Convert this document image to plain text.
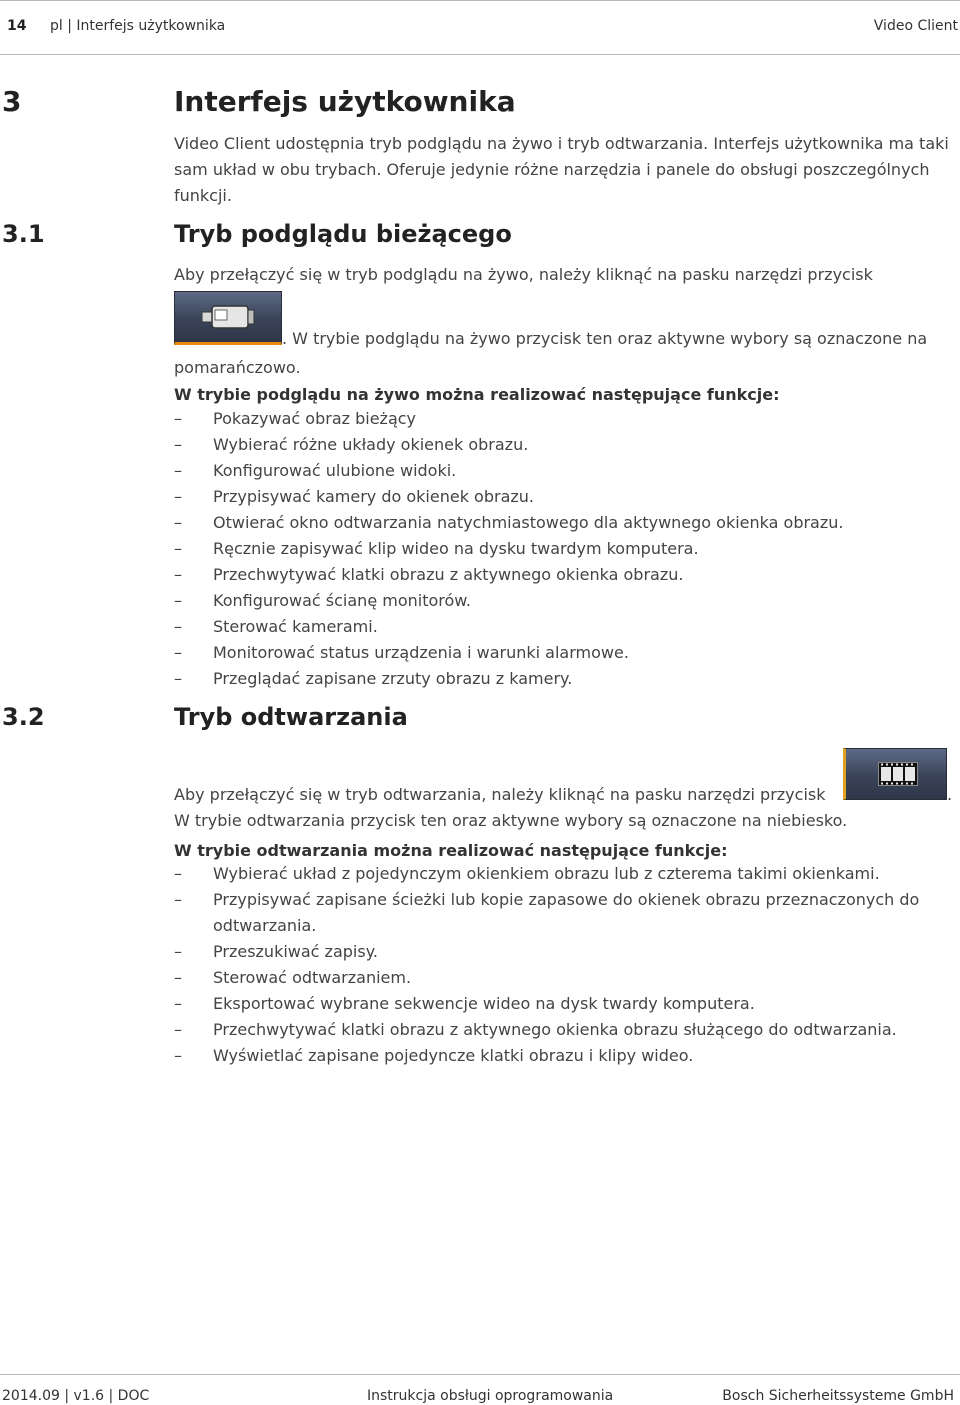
14 pl | Interfejs użytkownika	Video Client
3	Interfejs użytkownika
Video Client udostępnia tryb podglądu na żywo i tryb odtwarzania. Interfejs użytkownika ma taki sam układ w obu trybach. Oferuje jedynie różne narzędzia i panele do obsługi poszczególnych funkcji.
3.1	Tryb podglądu bieżącego
Aby przełączyć się w tryb podglądu na żywo, należy kliknąć na pasku narzędzi przycisk
. W trybie podglądu na żywo przycisk ten oraz aktywne wybory są oznaczone na
pomarańczowo.
W trybie podglądu na żywo można realizować następujące funkcje:
– Pokazywać obraz bieżący
– Wybierać różne układy okienek obrazu.
– Konfigurować ulubione widoki.
– Przypisywać kamery do okienek obrazu.
– Otwierać okno odtwarzania natychmiastowego dla aktywnego okienka obrazu.
– Ręcznie zapisywać klip wideo na dysku twardym komputera.
– Przechwytywać klatki obrazu z aktywnego okienka obrazu.
– Konfigurować ścianę monitorów.
– Sterować kamerami.
– Monitorować status urządzenia i warunki alarmowe.
– Przeglądać zapisane zrzuty obrazu z kamery.
3.2	Tryb odtwarzania
Aby przełączyć się w tryb odtwarzania, należy kliknąć na pasku narzędzi przycisk	.
W trybie odtwarzania przycisk ten oraz aktywne wybory są oznaczone na niebiesko.
W trybie odtwarzania można realizować następujące funkcje:
– Wybierać układ z pojedynczym okienkiem obrazu lub z czterema takimi okienkami.
– Przypisywać zapisane ścieżki lub kopie zapasowe do okienek obrazu przeznaczonych do odtwarzania.
– Przeszukiwać zapisy.
– Sterować odtwarzaniem.
– Eksportować wybrane sekwencje wideo na dysk twardy komputera.
– Przechwytywać klatki obrazu z aktywnego okienka obrazu służącego do odtwarzania.
– Wyświetlać zapisane pojedyncze klatki obrazu i klipy wideo.
2014.09 | v1.6 | DOC	Instrukcja obsługi oprogramowania	Bosch Sicherheitssysteme GmbH
